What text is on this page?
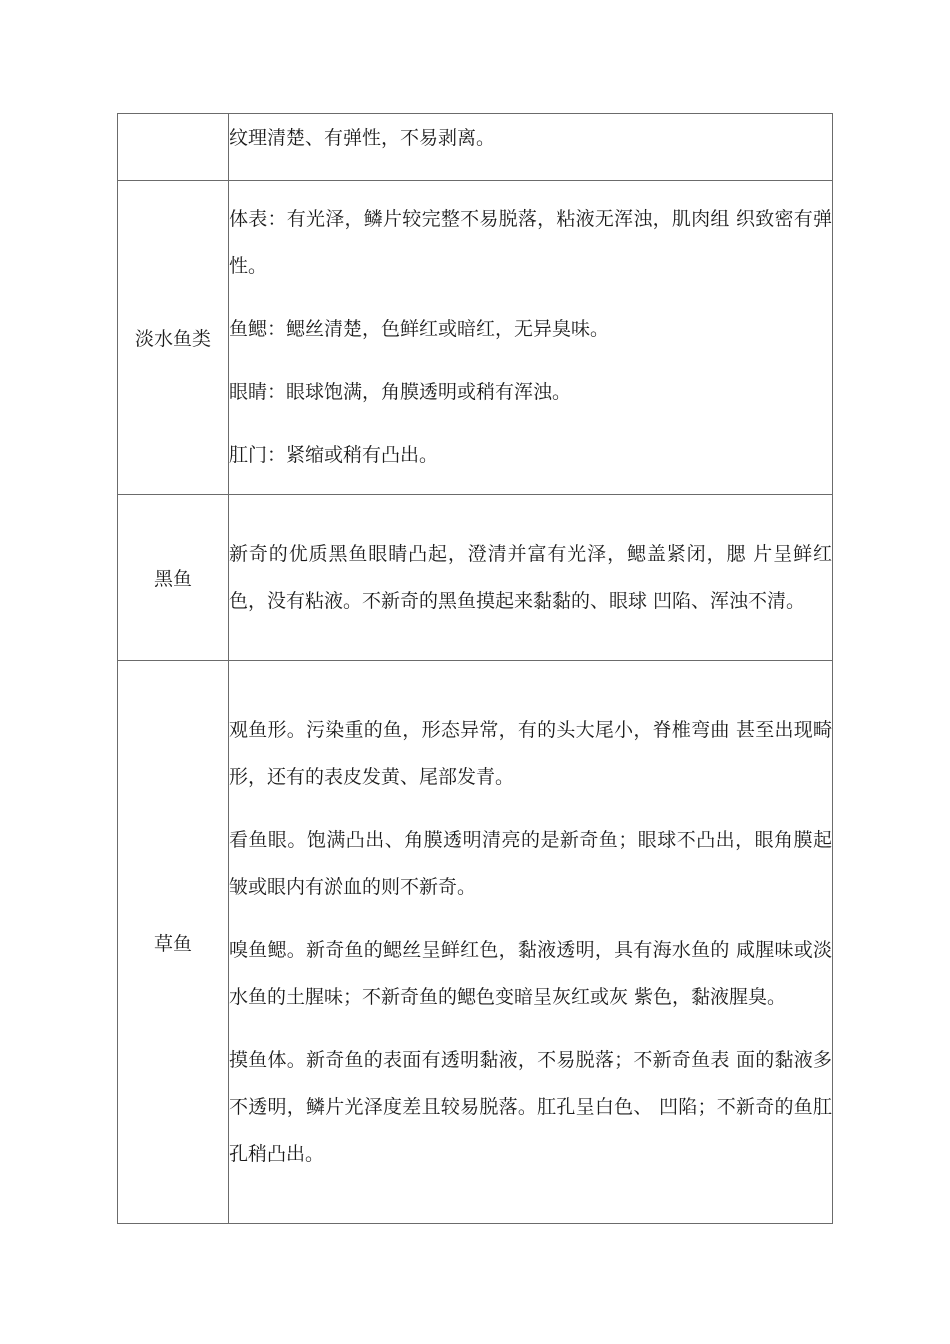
	纹理清楚、有弹性，不易剥离。

淡水鱼类	体表：有光泽，鳞片较完整不易脱落，粘液无浑浊，肌肉组 织致密有弹性。

鱼鳃：鳃丝清楚，色鲜红或暗红，无异臭味。

眼睛：眼球饱满，角膜透明或稍有浑浊。

肛门：紧缩或稍有凸出。

黑鱼	新奇的优质黑鱼眼睛凸起，澄清并富有光泽，鳃盖紧闭，腮 片呈鲜红色，没有粘液。不新奇的黑鱼摸起来黏黏的、眼球 凹陷、浑浊不清。

草鱼	观鱼形。污染重的鱼，形态异常，有的头大尾小，脊椎弯曲 甚至出现畸形，还有的表皮发黄、尾部发青。

看鱼眼。饱满凸出、角膜透明清亮的是新奇鱼；眼球不凸出，眼角膜起皱或眼内有淤血的则不新奇。

嗅鱼鳃。新奇鱼的鳃丝呈鲜红色，黏液透明，具有海水鱼的 咸腥味或淡水鱼的土腥味；不新奇鱼的鳃色变暗呈灰红或灰 紫色，黏液腥臭。

摸鱼体。新奇鱼的表面有透明黏液，不易脱落；不新奇鱼表 面的黏液多不透明，鳞片光泽度差且较易脱落。肛孔呈白色、 凹陷；不新奇的鱼肛孔稍凸出。
